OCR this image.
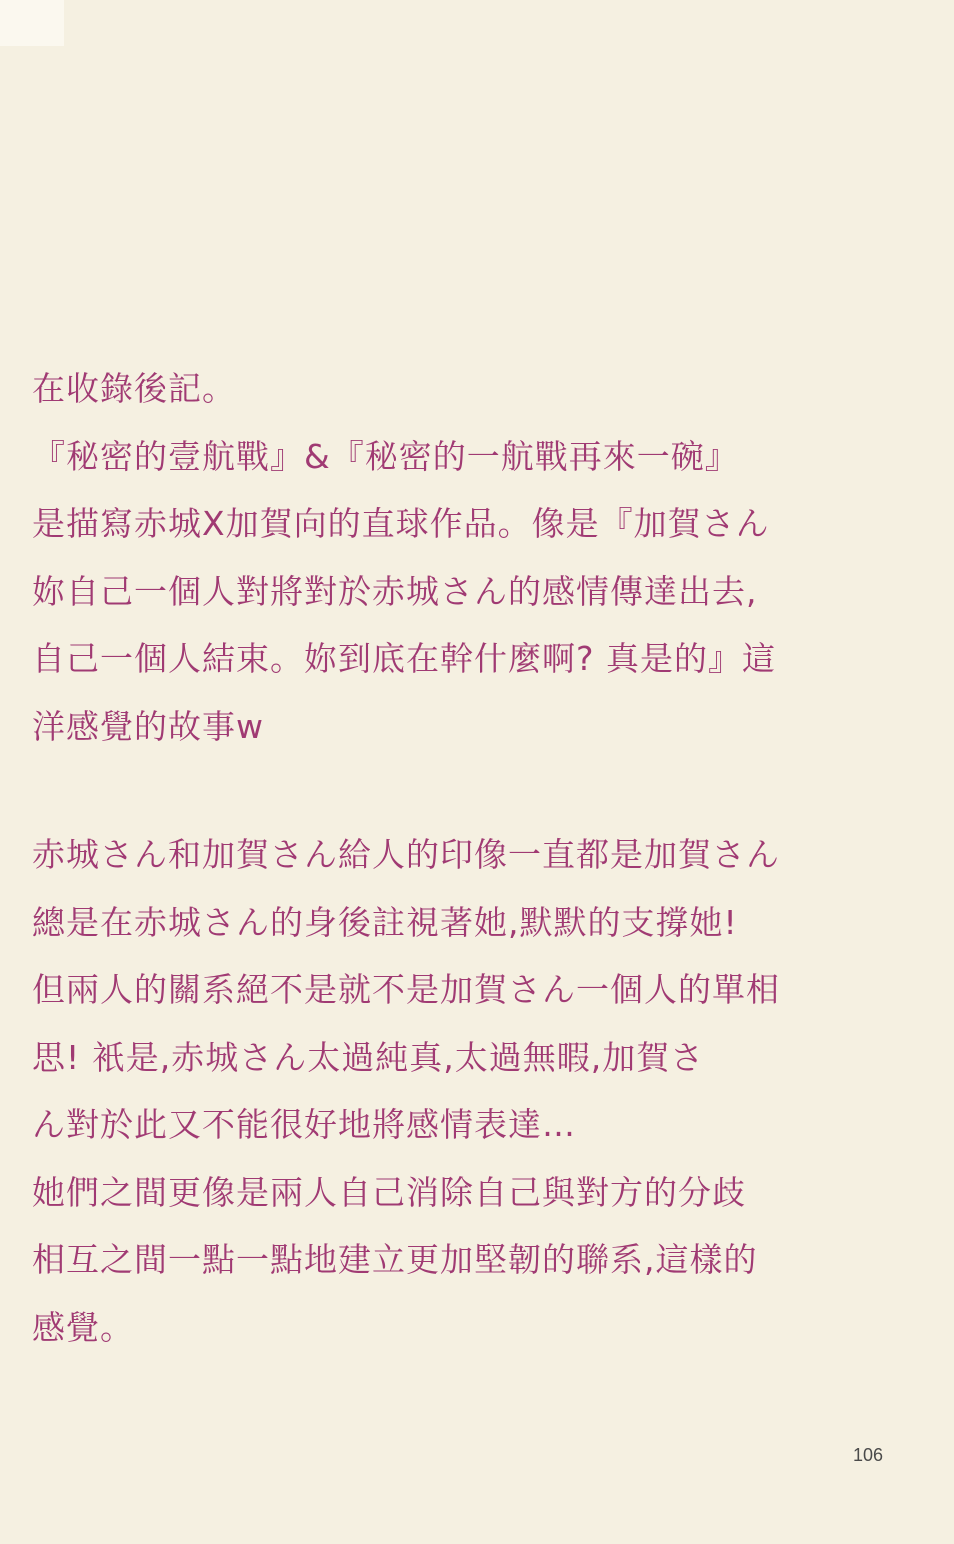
在收錄後記。
『秘密的壹航戰』&『秘密的一航戰再來一碗』
是描寫赤城X加賀向的直球作品。像是『加賀さん
妳自己一個人對將對於赤城さん的感情傳達出去,
自己一個人結束。妳到底在幹什麼啊? 真是的』這
洋感覺的故事w
赤城さん和加賀さん給人的印像一直都是加賀さん
總是在赤城さん的身後註視著她,默默的支撐她!
但兩人的關系絕不是就不是加賀さん一個人的單相
思! 衹是,赤城さん太過純真,太過無暇,加賀さ
ん對於此又不能很好地將感情表達…
她們之間更像是兩人自己消除自己與對方的分歧
相互之間一點一點地建立更加堅韌的聯系,這樣的
感覺。
106
